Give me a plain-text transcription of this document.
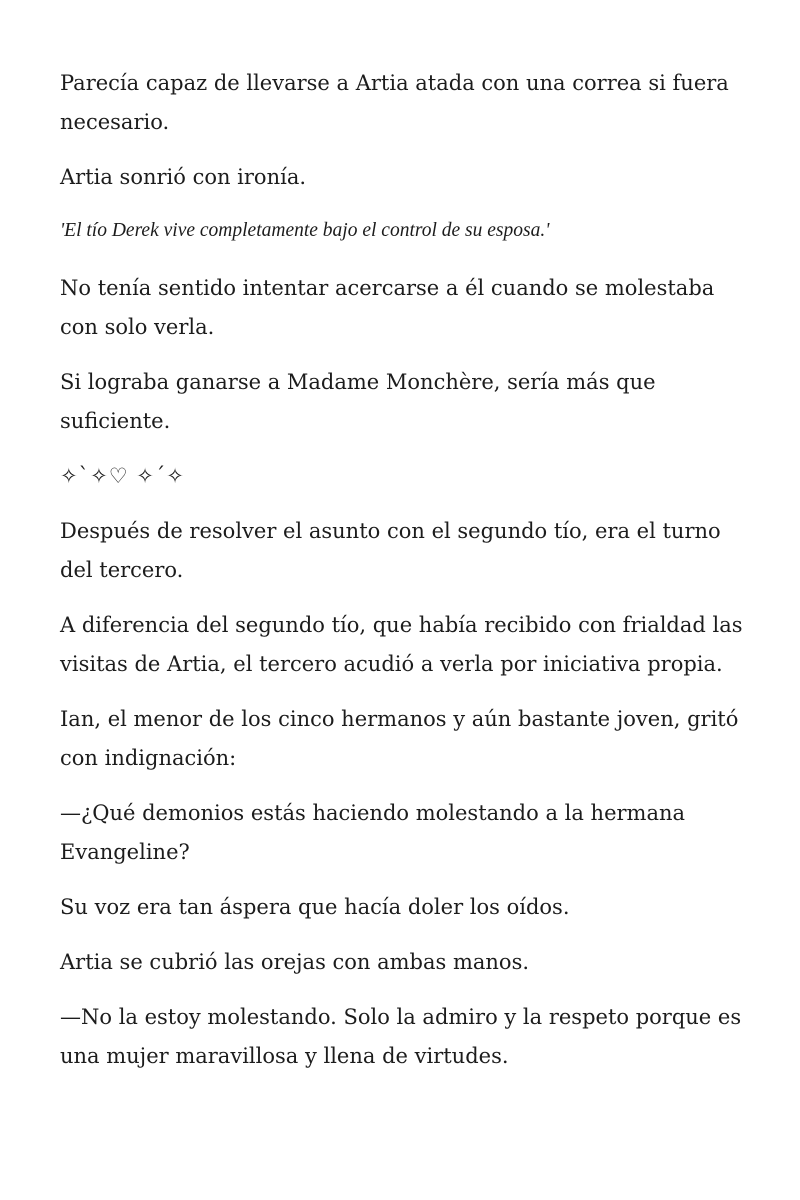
Parecía capaz de llevarse a Artia atada con una correa si fuera necesario.

Artia sonrió con ironía.

'El tío Derek vive completamente bajo el control de su esposa.'

No tenía sentido intentar acercarse a él cuando se molestaba con solo verla.

Si lograba ganarse a Madame Monchère, sería más que suficiente.

✧`✧♡ ✧´✧

Después de resolver el asunto con el segundo tío, era el turno del tercero.

A diferencia del segundo tío, que había recibido con frialdad las visitas de Artia, el tercero acudió a verla por iniciativa propia.

Ian, el menor de los cinco hermanos y aún bastante joven, gritó con indignación:

—¿Qué demonios estás haciendo molestando a la hermana Evangeline?

Su voz era tan áspera que hacía doler los oídos.

Artia se cubrió las orejas con ambas manos.

—No la estoy molestando. Solo la admiro y la respeto porque es una mujer maravillosa y llena de virtudes.
